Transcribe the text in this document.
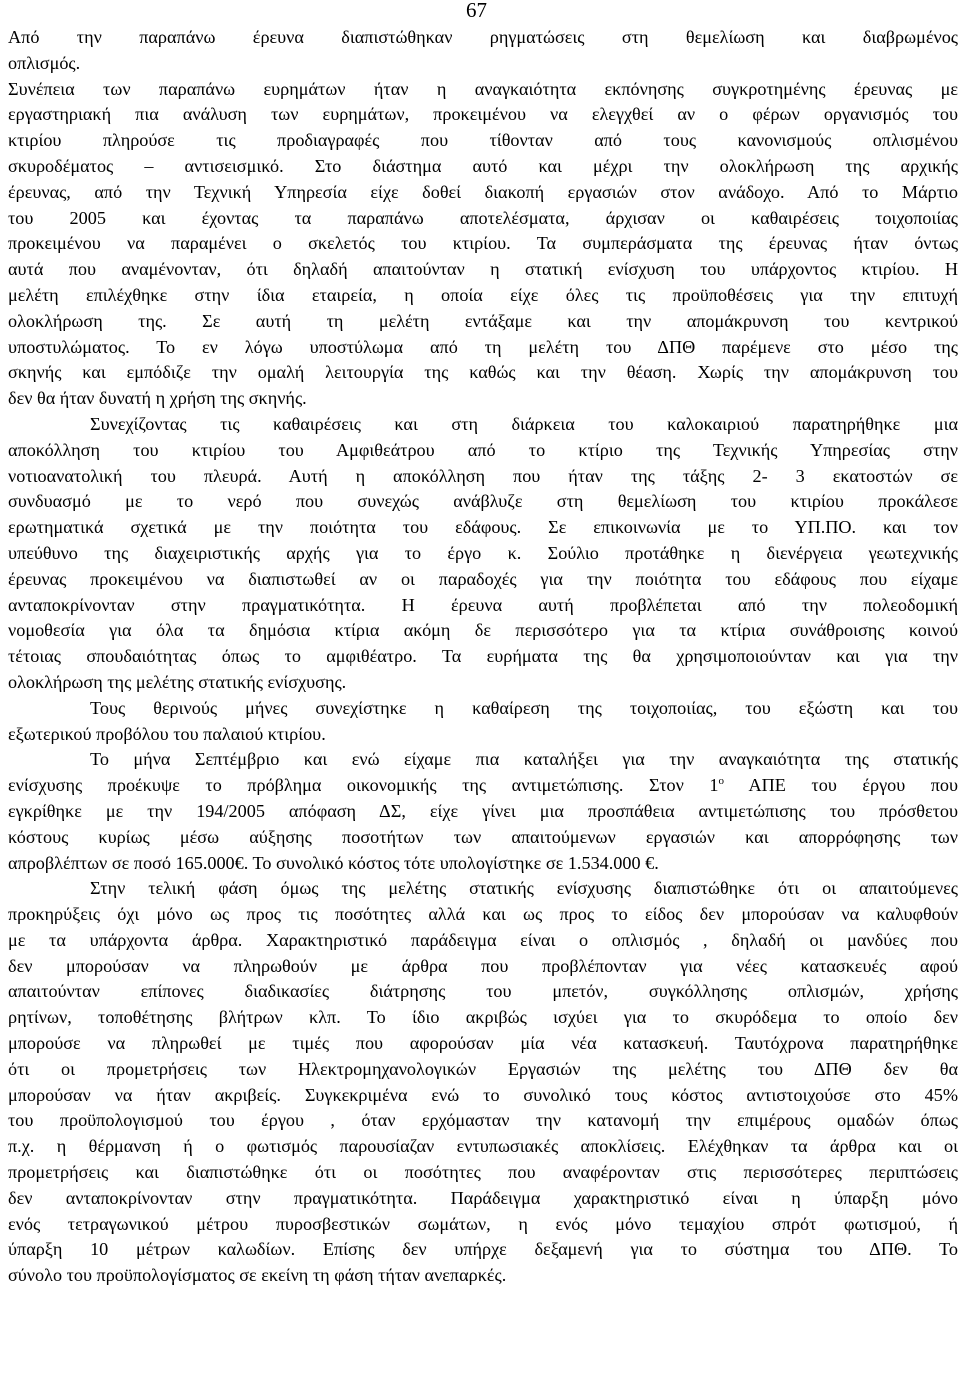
67
Από την παραπάνω έρευνα διαπιστώθηκαν ρηγματώσεις στη θεμελίωση και διαβρωμένος
οπλισμός.
Συνέπεια των παραπάνω ευρημάτων ήταν η αναγκαιότητα εκπόνησης συγκροτημένης έρευνας με
εργαστηριακή πια ανάλυση των ευρημάτων, προκειμένου να ελεγχθεί αν ο φέρων οργανισμός του
κτιρίου πληρούσε τις προδιαγραφές που τίθονταν από τους κανονισμούς οπλισμένου
σκυροδέματος – αντισεισμικό. Στο διάστημα αυτό και μέχρι την ολοκλήρωση της αρχικής
έρευνας, από την Τεχνική Υπηρεσία είχε δοθεί διακοπή εργασιών στον ανάδοχο. Από το Μάρτιο
του 2005 και έχοντας τα παραπάνω αποτελέσματα, άρχισαν οι καθαιρέσεις τοιχοποιίας
προκειμένου να παραμένει ο σκελετός του κτιρίου. Τα συμπεράσματα της έρευνας ήταν όντως
αυτά που αναμένονταν, ότι δηλαδή απαιτούνταν η στατική ενίσχυση του υπάρχοντος κτιρίου. Η
μελέτη επιλέχθηκε στην ίδια εταιρεία, η οποία είχε όλες τις προϋποθέσεις για την επιτυχή
ολοκλήρωση της. Σε αυτή τη μελέτη εντάξαμε και την απομάκρυνση του κεντρικού
υποστυλώματος. Το εν λόγω υποστύλωμα από τη μελέτη του ΔΠΘ παρέμενε στο μέσο της
σκηνής και εμπόδιζε την ομαλή λειτουργία της καθώς και την θέαση. Χωρίς την απομάκρυνση του
δεν θα ήταν δυνατή η χρήση της σκηνής.
Συνεχίζοντας τις καθαιρέσεις και στη διάρκεια του καλοκαιριού παρατηρήθηκε μια
αποκόλληση του κτιρίου του Αμφιθεάτρου από το κτίριο της Τεχνικής Υπηρεσίας στην
νοτιοανατολική του πλευρά. Αυτή η αποκόλληση που ήταν της τάξης 2- 3 εκατοστών σε
συνδυασμό με το νερό που συνεχώς ανάβλυζε στη θεμελίωση του κτιρίου προκάλεσε
ερωτηματικά σχετικά με την ποιότητα του εδάφους. Σε επικοινωνία με το ΥΠ.ΠΟ. και τον
υπεύθυνο της διαχειριστικής αρχής για το έργο κ. Σούλιο προτάθηκε η διενέργεια γεωτεχνικής
έρευνας προκειμένου να διαπιστωθεί αν οι παραδοχές για την ποιότητα του εδάφους που είχαμε
ανταποκρίνονταν στην πραγματικότητα. Η έρευνα αυτή προβλέπεται από την πολεοδομική
νομοθεσία για όλα τα δημόσια κτίρια ακόμη δε περισσότερο για τα κτίρια συνάθροισης κοινού
τέτοιας σπουδαιότητας όπως το αμφιθέατρο. Τα ευρήματα της θα χρησιμοποιούνταν και για την
ολοκλήρωση της μελέτης στατικής ενίσχυσης.
Τους θερινούς μήνες συνεχίστηκε η καθαίρεση της τοιχοποιίας, του εξώστη και του
εξωτερικού προβόλου του παλαιού κτιρίου.
Το μήνα Σεπτέμβριο και ενώ είχαμε πια καταλήξει για την αναγκαιότητα της στατικής
ενίσχυσης προέκυψε το πρόβλημα οικονομικής της αντιμετώπισης. Στον $1^o$ ΑΠΕ του έργου που
εγκρίθηκε με την 194/2005 απόφαση ΔΣ, είχε γίνει μια προσπάθεια αντιμετώπισης του πρόσθετου
κόστους κυρίως μέσω αύξησης ποσοτήτων των απαιτούμενων εργασιών και απορρόφησης των
απροβλέπτων σε ποσό 165.000€. Το συνολικό κόστος τότε υπολογίστηκε σε 1.534.000 €.
Στην τελική φάση όμως της μελέτης στατικής ενίσχυσης διαπιστώθηκε ότι οι απαιτούμενες
προκηρύξεις όχι μόνο ως προς τις ποσότητες αλλά και ως προς το είδος δεν μπορούσαν να καλυφθούν
με τα υπάρχοντα άρθρα. Χαρακτηριστικό παράδειγμα είναι ο οπλισμός , δηλαδή οι μανδύες που
δεν μπορούσαν να πληρωθούν με άρθρα που προβλέπονταν για νέες κατασκευές αφού
απαιτούνταν επίπονες διαδικασίες διάτρησης του μπετόν, συγκόλλησης οπλισμών, χρήσης
ρητίνων, τοποθέτησης βλήτρων κλπ. Το ίδιο ακριβώς ισχύει για το σκυρόδεμα το οποίο δεν
μπορούσε να πληρωθεί με τιμές που αφορούσαν μία νέα κατασκευή. Ταυτόχρονα παρατηρήθηκε
ότι οι προμετρήσεις των Ηλεκτρομηχανολογικών Εργασιών της μελέτης του ΔΠΘ δεν θα
μπορούσαν να ήταν ακριβείς. Συγκεκριμένα ενώ το συνολικό τους κόστος αντιστοιχούσε στο 45%
του προϋπολογισμού του έργου , όταν ερχόμασταν την κατανομή την επιμέρους ομαδών όπως
π.χ. η θέρμανση ή ο φωτισμός παρουσίαζαν εντυπωσιακές αποκλίσεις. Ελέχθηκαν τα άρθρα και οι
προμετρήσεις και διαπιστώθηκε ότι οι ποσότητες που αναφέρονταν στις περισσότερες περιπτώσεις
δεν ανταποκρίνονταν στην πραγματικότητα. Παράδειγμα χαρακτηριστικό είναι η ύπαρξη μόνο
ενός τετραγωνικού μέτρου πυροσβεστικών σωμάτων, η ενός μόνο τεμαχίου σπρότ φωτισμού, ή
ύπαρξη 10 μέτρων καλωδίων. Επίσης δεν υπήρχε δεξαμενή για το σύστημα του ΔΠΘ. Το
σύνολο του προϋπολογίσματος σε εκείνη τη φάση τήταν ανεπαρκές.
